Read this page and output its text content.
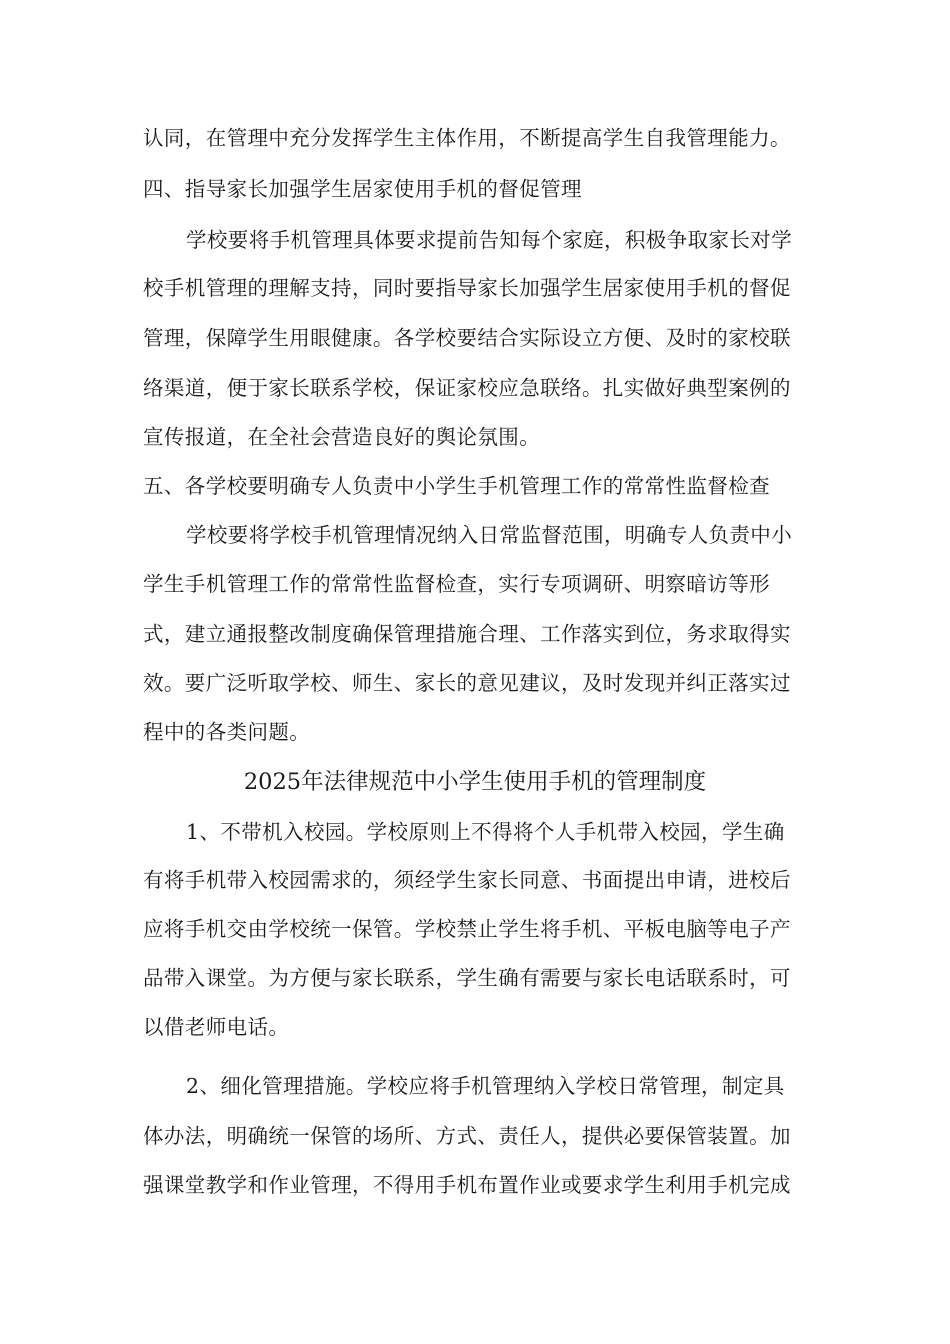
认同，在管理中充分发挥学生主体作用，不断提高学生自我管理能力。
四、指导家长加强学生居家使用手机的督促管理
学校要将手机管理具体要求提前告知每个家庭，积极争取家长对学
校手机管理的理解支持，同时要指导家长加强学生居家使用手机的督促
管理，保障学生用眼健康。各学校要结合实际设立方便、及时的家校联
络渠道，便于家长联系学校，保证家校应急联络。扎实做好典型案例的
宣传报道，在全社会营造良好的舆论氛围。
五、各学校要明确专人负责中小学生手机管理工作的常常性监督检查
学校要将学校手机管理情况纳入日常监督范围，明确专人负责中小
学生手机管理工作的常常性监督检查，实行专项调研、明察暗访等形
式，建立通报整改制度确保管理措施合理、工作落实到位，务求取得实
效。要广泛听取学校、师生、家长的意见建议，及时发现并纠正落实过
程中的各类问题。
2025年法律规范中小学生使用手机的管理制度
1、不带机入校园。学校原则上不得将个人手机带入校园，学生确
有将手机带入校园需求的，须经学生家长同意、书面提出申请，进校后
应将手机交由学校统一保管。学校禁止学生将手机、平板电脑等电子产
品带入课堂。为方便与家长联系，学生确有需要与家长电话联系时，可
以借老师电话。
2、细化管理措施。学校应将手机管理纳入学校日常管理，制定具
体办法，明确统一保管的场所、方式、责任人，提供必要保管装置。加
强课堂教学和作业管理，不得用手机布置作业或要求学生利用手机完成
